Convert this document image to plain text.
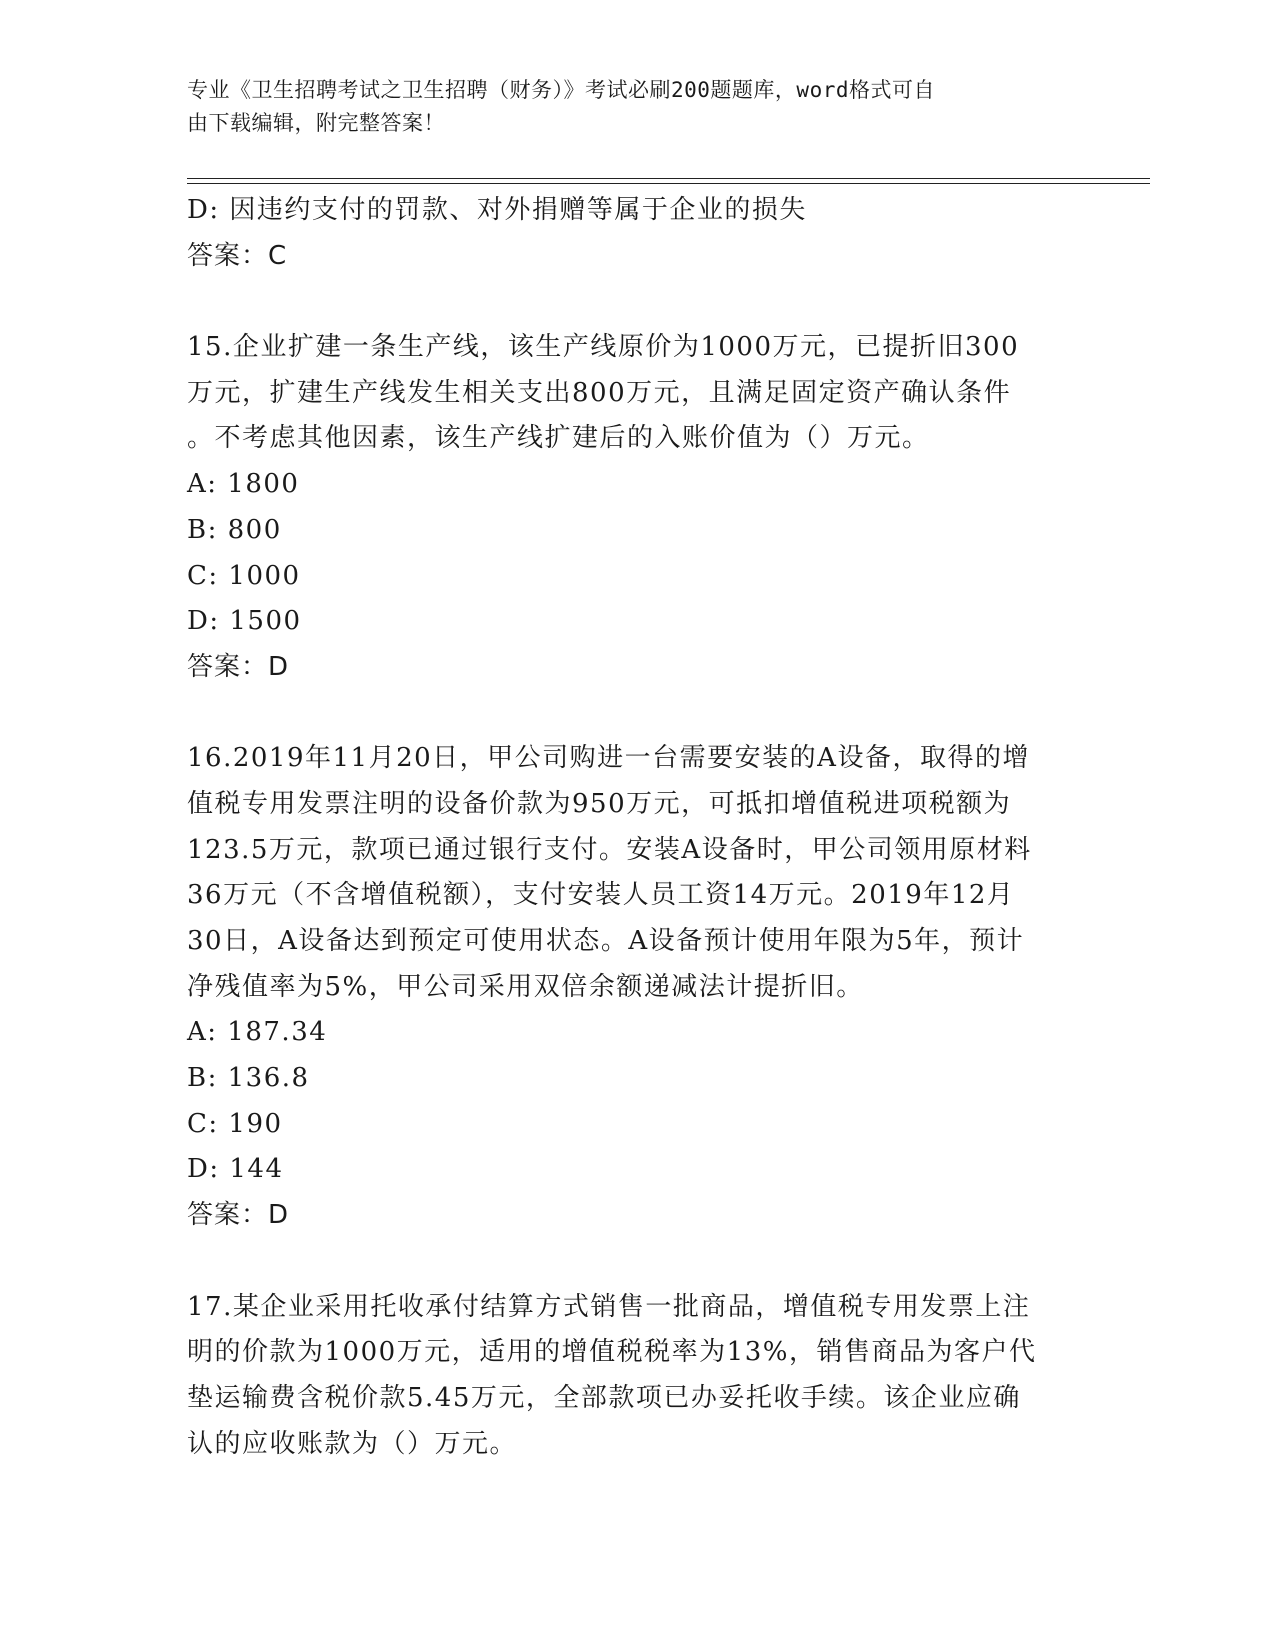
专业《卫生招聘考试之卫生招聘（财务）》考试必刷200题题库，word格式可自
由下载编辑，附完整答案！
D: 因违约支付的罚款、对外捐赠等属于企业的损失
答案：C
15.企业扩建一条生产线，该生产线原价为1000万元，已提折旧300
万元，扩建生产线发生相关支出800万元，且满足固定资产确认条件
。不考虑其他因素，该生产线扩建后的入账价值为（）万元。
A: 1800
B: 800
C: 1000
D: 1500
答案：D
16.2019年11月20日，甲公司购进一台需要安装的A设备，取得的增
值税专用发票注明的设备价款为950万元，可抵扣增值税进项税额为
123.5万元，款项已通过银行支付。安装A设备时，甲公司领用原材料
36万元（不含增值税额），支付安装人员工资14万元。2019年12月
30日，A设备达到预定可使用状态。A设备预计使用年限为5年，预计
净残值率为5%，甲公司采用双倍余额递减法计提折旧。
A: 187.34
B: 136.8
C: 190
D: 144
答案：D
17.某企业采用托收承付结算方式销售一批商品，增值税专用发票上注
明的价款为1000万元，适用的增值税税率为13%，销售商品为客户代
垫运输费含税价款5.45万元，全部款项已办妥托收手续。该企业应确
认的应收账款为（）万元。
